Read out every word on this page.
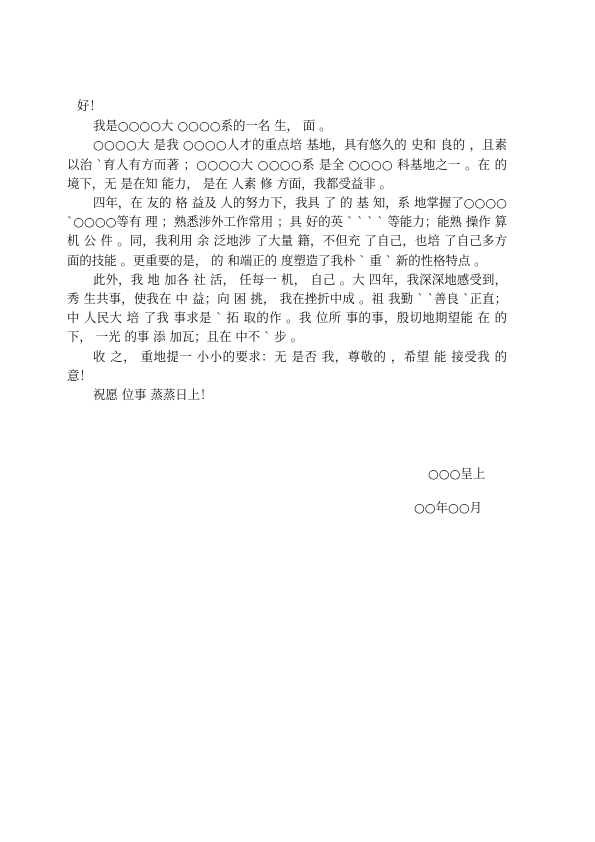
好！

我是○○○○大 ○○○○系的一名 生， 面 。

○○○○大 是我 ○○○○人才的重点培 基地，具有悠久的 史和 良的 ，且素以治 `育人有方而著 ；○○○○大 ○○○○系 是全 ○○○○ 科基地之一 。在 的 境下，无 是在知 能力， 是在 人素 修 方面，我都受益非 。

四年，在 友的 格 益及 人的努力下，我具 了 的 基 知，系 地掌握了○○○○ `○○○○等有 理 ；熟悉涉外工作常用 ；具 好的英 ` ` ` ` 等能力；能熟 操作 算机 公 件 。同，我利用 余 泛地涉 了大量 籍，不但充 了自己，也培 了自己多方面的技能 。更重要的是， 的 和端正的 度塑造了我朴 ` 重 ` 新的性格特点 。

此外，我 地 加各 社 活， 任每一 机， 自己 。大 四年，我深深地感受到， 秀 生共事，使我在 中 益；向 困 挑， 我在挫折中成 。祖 我勤 ` `善良 `正直；中 人民大 培 了我 事求是 ` 拓 取的作 。我 位所 事的事，殷切地期望能 在 的 下， 一光 的事 添 加瓦；且在 中不 ` 步 。

收 之， 重地提一 小小的要求：无 是否 我，尊敬的 ，希望 能 接受我 的 意！

祝愿 位事 蒸蒸日上！

○○○呈上
○○年○○月
